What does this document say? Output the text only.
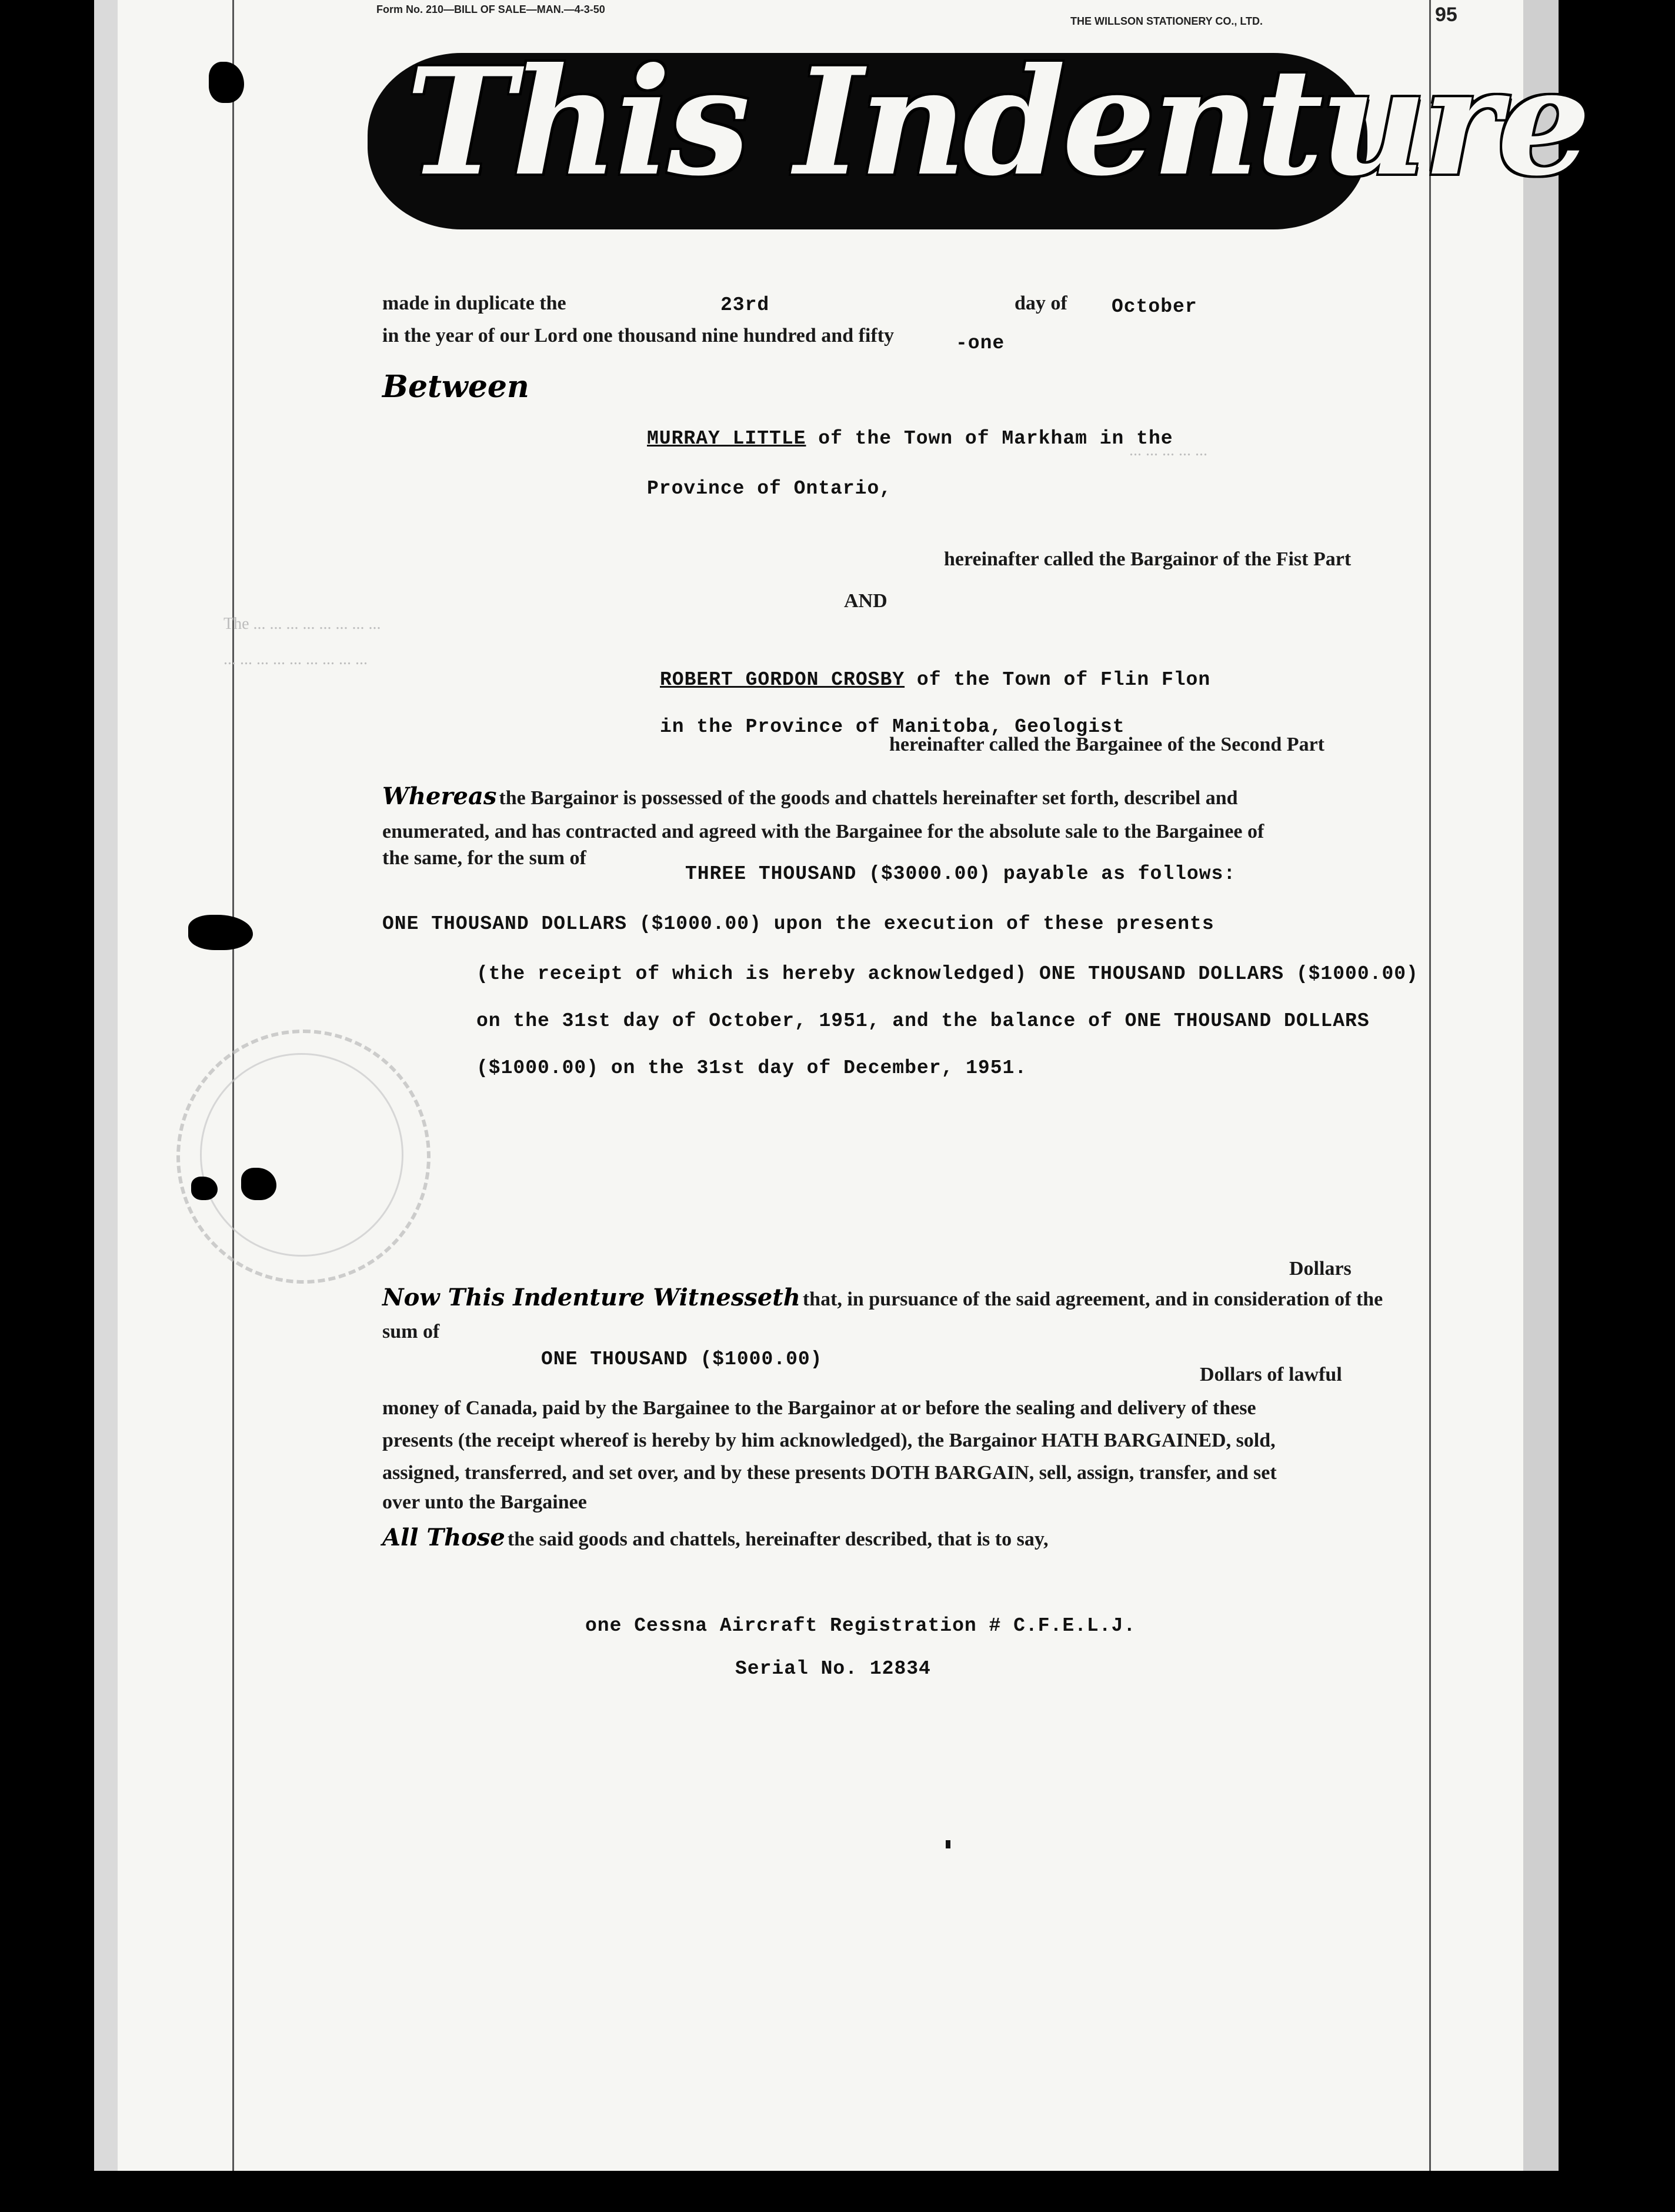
The ... ... ... ... ... ... ... ...
... ... ... ... ... ... ... ... ...
... ... ... ... ...
Form No. 210—BILL OF SALE—MAN.—4-3-50
THE WILLSON STATIONERY CO., LTD.	95
This Indenture
made in duplicate the	23rd	day of October
in the year of our Lord one thousand nine hundred and fifty	-one
Between
MURRAY LITTLE of the Town of Markham in the
Province of Ontario,
hereinafter called the Bargainor of the Fist Part
AND
ROBERT GORDON CROSBY of the Town of Flin Flon
in the Province of Manitoba, Geologist
hereinafter called the Bargainee of the Second Part
Whereas the Bargainor is possessed of the goods and chattels hereinafter set forth, describel and
enumerated, and has contracted and agreed with the Bargainee for the absolute sale to the Bargainee of
the same, for the sum of
THREE THOUSAND ($3000.00) payable as follows:
ONE THOUSAND DOLLARS ($1000.00) upon the execution of these presents
(the receipt of which is hereby acknowledged) ONE THOUSAND DOLLARS ($1000.00)
on the 31st day of October, 1951, and the balance of ONE THOUSAND DOLLARS
($1000.00) on the 31st day of December, 1951.
Dollars
Now This Indenture Witnesseth that, in pursuance of the said agreement, and in consideration of the
sum of
ONE THOUSAND ($1000.00)
Dollars of lawful
money of Canada, paid by the Bargainee to the Bargainor at or before the sealing and delivery of these
presents (the receipt whereof is hereby by him acknowledged), the Bargainor HATH BARGAINED, sold,
assigned, transferred, and set over, and by these presents DOTH BARGAIN, sell, assign, transfer, and set
over unto the Bargainee
All Those the said goods and chattels, hereinafter described, that is to say,
one Cessna Aircraft Registration # C.F.E.L.J.
Serial No. 12834
